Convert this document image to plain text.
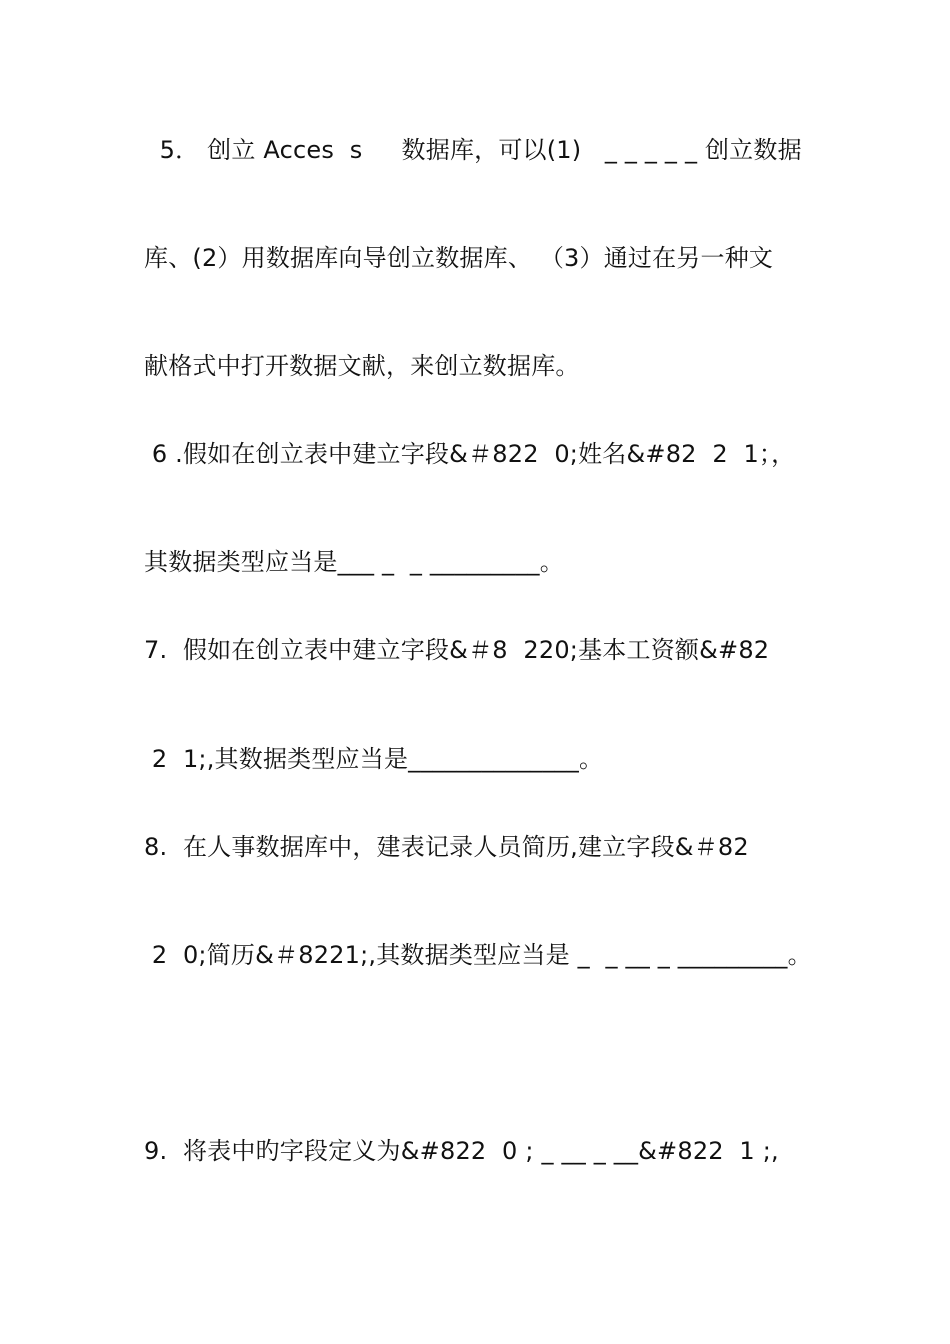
5． 创立 Acces  s     数据库，可以(1)   _ _ _ _ _ 创立数据
库、(2）用数据库向导创立数据库、 （3）通过在另一种文
献格式中打开数据文献，来创立数据库。
6 .假如在创立表中建立字段&＃822  0;姓名&#82  2  1；，
其数据类型应当是___ _  _ _________。
7.  假如在创立表中建立字段&＃8  220;基本工资额&#82
2  1;,其数据类型应当是______________。
8.  在人事数据库中，建表记录人员简历,建立字段&＃82
2  0;简历&＃8221;,其数据类型应当是 _  _ __ _ _________。
9.  将表中旳字段定义为&#822  0 ; _ __ _ __&#822  1 ;,
